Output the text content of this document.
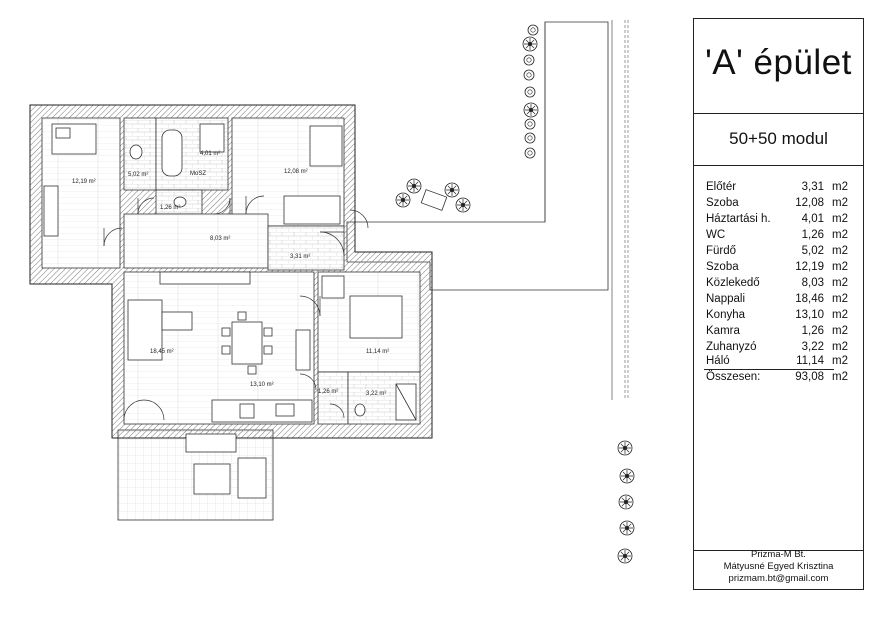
12,19 m²
5,02 m²
4,01 m²
MoSZ
1,26 m²
12,08 m²
8,03 m²
3,31 m²
18,45 m²
13,10 m²
1,26 m²
11,14 m²
3,22 m²
'A' épület
50+50 modul
Előtér	3,31 m2
Szoba	12,08 m2
Háztartási h.	4,01 m2
WC	1,26 m2
Fürdő	5,02 m2
Szoba	12,19 m2
Közlekedő	8,03 m2
Nappali	18,46 m2
Konyha	13,10 m2
Kamra	1,26 m2
Zuhanyzó	3,22 m2
Háló	11,14 m2
Összesen:	93,08 m2
Prizma-M Bt.
Mátyusné Egyed Krisztina
prizmam.bt@gmail.com
